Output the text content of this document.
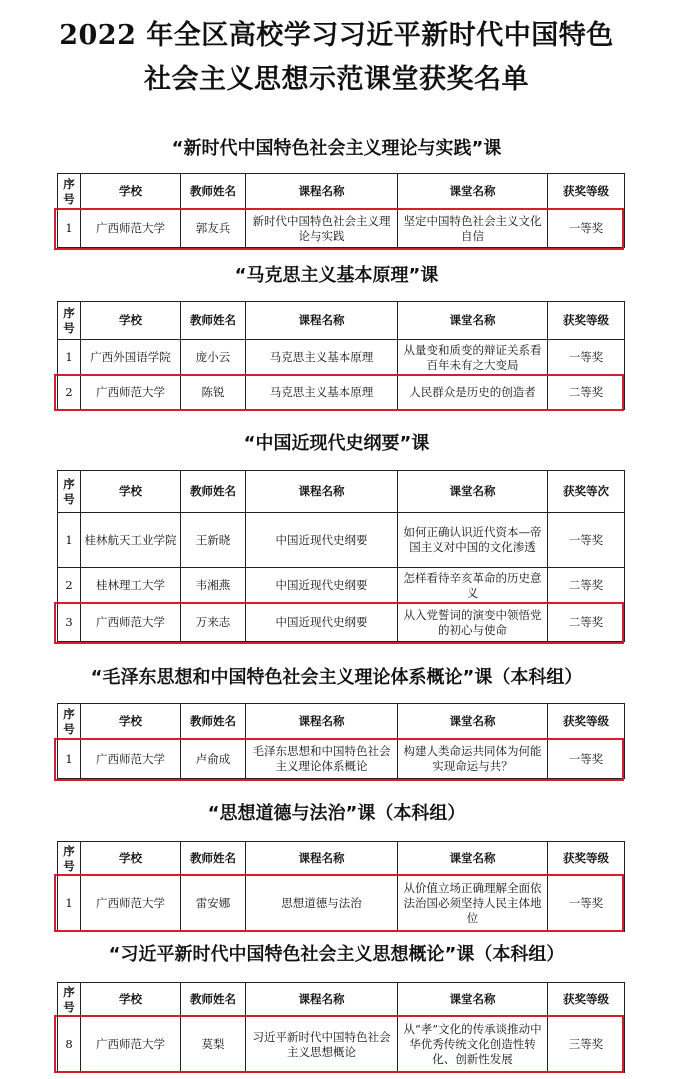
2022 年全区高校学习习近平新时代中国特色
社会主义思想示范课堂获奖名单
“新时代中国特色社会主义理论与实践”课
序号	学校	教师姓名	课程名称	课堂名称	获奖等级
1	广西师范大学	郭友兵	新时代中国特色社会主义理论与实践	坚定中国特色社会主义文化自信	一等奖
“马克思主义基本原理”课
序号	学校	教师姓名	课程名称	课堂名称	获奖等级
1	广西外国语学院	庞小云	马克思主义基本原理	从量变和质变的辩证关系看百年未有之大变局	一等奖
2	广西师范大学	陈锐	马克思主义基本原理	人民群众是历史的创造者	二等奖
“中国近现代史纲要”课
序号	学校	教师姓名	课程名称	课堂名称	获奖等次
1	桂林航天工业学院	王新晓	中国近现代史纲要	如何正确认识近代资本—帝国主义对中国的文化渗透	一等奖
2	桂林理工大学	韦湘燕	中国近现代史纲要	怎样看待辛亥革命的历史意义	二等奖
3	广西师范大学	万来志	中国近现代史纲要	从入党誓词的演变中领悟党的初心与使命	二等奖
“毛泽东思想和中国特色社会主义理论体系概论”课（本科组）
序号	学校	教师姓名	课程名称	课堂名称	获奖等级
1	广西师范大学	卢俞成	毛泽东思想和中国特色社会主义理论体系概论	构建人类命运共同体为何能实现命运与共？	一等奖
“思想道德与法治”课（本科组）
序号	学校	教师姓名	课程名称	课堂名称	获奖等级
1	广西师范大学	雷安娜	思想道德与法治	从价值立场正确理解全面依法治国必须坚持人民主体地位	一等奖
“习近平新时代中国特色社会主义思想概论”课（本科组）
序号	学校	教师姓名	课程名称	课堂名称	获奖等级
8	广西师范大学	莫梨	习近平新时代中国特色社会主义思想概论	从“孝”文化的传承谈推动中华优秀传统文化创造性转化、创新性发展	三等奖
